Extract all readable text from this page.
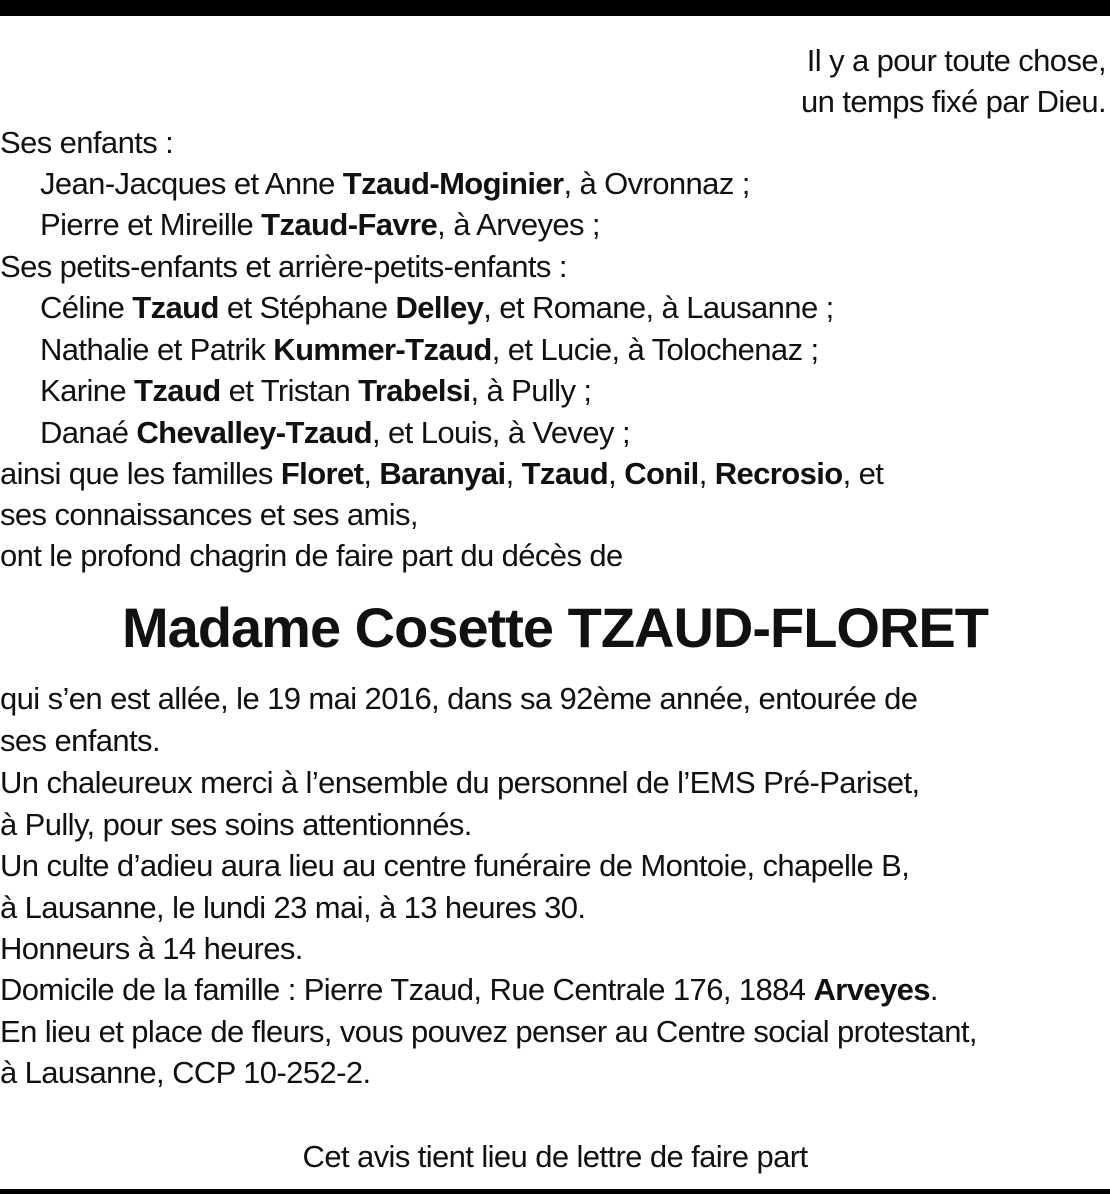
Il y a pour toute chose,
un temps fixé par Dieu.
Ses enfants :
Jean-Jacques et Anne Tzaud-Moginier, à Ovronnaz ;
Pierre et Mireille Tzaud-Favre, à Arveyes ;
Ses petits-enfants et arrière-petits-enfants :
Céline Tzaud et Stéphane Delley, et Romane, à Lausanne ;
Nathalie et Patrik Kummer-Tzaud, et Lucie, à Tolochenaz ;
Karine Tzaud et Tristan Trabelsi, à Pully ;
Danaé Chevalley-Tzaud, et Louis, à Vevey ;
ainsi que les familles Floret, Baranyai, Tzaud, Conil, Recrosio, et
ses connaissances et ses amis,
ont le profond chagrin de faire part du décès de
Madame Cosette TZAUD-FLORET
qui s’en est allée, le 19 mai 2016, dans sa 92ème année, entourée de
ses enfants.
Un chaleureux merci à l’ensemble du personnel de l’EMS Pré-Pariset,
à Pully, pour ses soins attentionnés.
Un culte d’adieu aura lieu au centre funéraire de Montoie, chapelle B,
à Lausanne, le lundi 23 mai, à 13 heures 30.
Honneurs à 14 heures.
Domicile de la famille : Pierre Tzaud, Rue Centrale 176, 1884 Arveyes.
En lieu et place de fleurs, vous pouvez penser au Centre social protestant,
à Lausanne, CCP 10-252-2.
Cet avis tient lieu de lettre de faire part
